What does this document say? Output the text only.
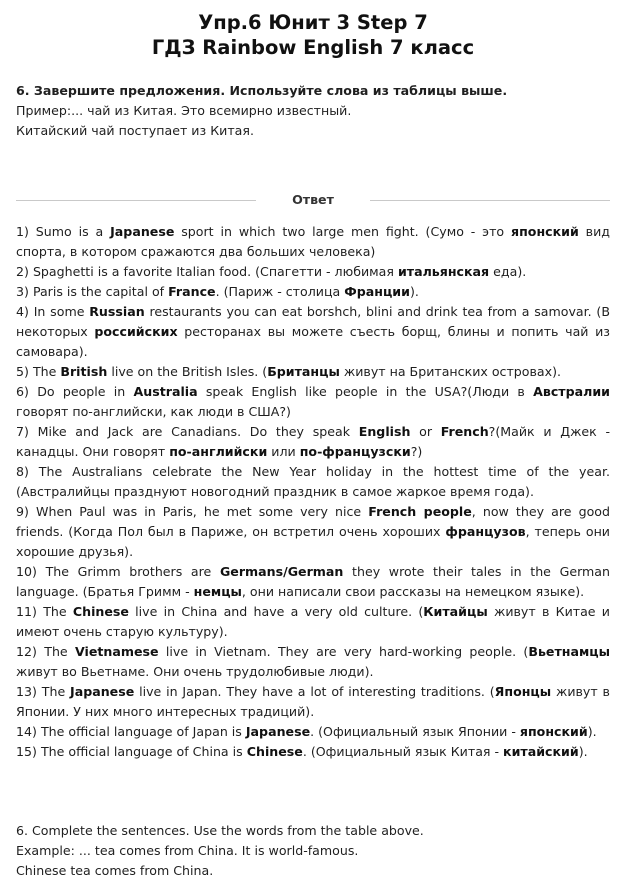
Упр.6 Юнит 3 Step 7
ГДЗ Rainbow English 7 класс
6. Завершите предложения. Используйте слова из таблицы выше.
Пример:... чай из Китая. Это всемирно известный.
Китайский чай поступает из Китая.
Ответ

1) Sumo is a Japanese sport in which two large men fight. (Сумо - это японский вид спорта, в котором сражаются два больших человека)

2) Spaghetti is a favorite Italian food. (Спагетти - любимая итальянская еда).

3) Paris is the capital of France. (Париж - столица Франции).

4) In some Russian restaurants you can eat borshch, blini and drink tea from a samovar. (В некоторых российских ресторанах вы можете съесть борщ, блины и попить чай из самовара).

5) The British live on the British Isles. (Британцы живут на Британских островах).

6) Do people in Australia speak English like people in the USA?(Люди в Австралии говорят по-английски, как люди в США?)

7) Mike and Jack are Canadians. Do they speak English or French?(Майк и Джек - канадцы. Они говорят по-английски или по-французски?)

8) The Australians celebrate the New Year holiday in the hottest time of the year. (Австралийцы празднуют новогодний праздник в самое жаркое время года).

9) When Paul was in Paris, he met some very nice French people, now they are good friends. (Когда Пол был в Париже, он встретил очень хороших французов, теперь они хорошие друзья).

10) The Grimm brothers are Germans/German they wrote their tales in the German language. (Братья Гримм - немцы, они написали свои рассказы на немецком языке).

11) The Chinese live in China and have a very old culture. (Китайцы живут в Китае и имеют очень старую культуру).

12) The Vietnamese live in Vietnam. They are very hard-working people. (Вьетнамцы живут во Вьетнаме. Они очень трудолюбивые люди).

13) The Japanese live in Japan. They have a lot of interesting traditions. (Японцы живут в Японии. У них много интересных традиций).

14) The official language of Japan is Japanese. (Официальный язык Японии - японский).

15) The official language of China is Chinese. (Официальный язык Китая - китайский).

6. Complete the sentences. Use the words from the table above.

Example: ... tea comes from China. It is world-famous.

Chinese tea comes from China.
